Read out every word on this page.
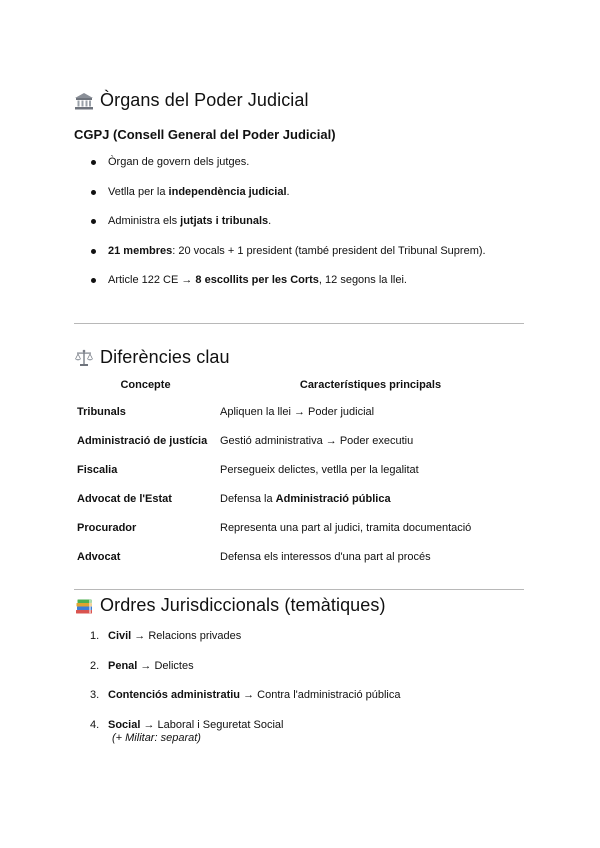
Òrgans del Poder Judicial
CGPJ (Consell General del Poder Judicial)
Òrgan de govern dels jutges.
Vetlla per la independència judicial.
Administra els jutjats i tribunals.
21 membres: 20 vocals + 1 president (també president del Tribunal Suprem).
Article 122 CE → 8 escollits per les Corts, 12 segons la llei.
Diferències clau
Concepte	Característiques principals
Tribunals	Apliquen la llei → Poder judicial
Administració de justícia	Gestió administrativa → Poder executiu
Fiscalia	Persegueix delictes, vetlla per la legalitat
Advocat de l'Estat	Defensa la Administració pública
Procurador	Representa una part al judici, tramita documentació
Advocat	Defensa els interessos d'una part al procés
Ordres Jurisdiccionals (temàtiques)
1. Civil → Relacions privades
2. Penal → Delictes
3. Contenciós administratiu → Contra l'administració pública
4. Social → Laboral i Seguretat Social
(+ Militar: separat)
